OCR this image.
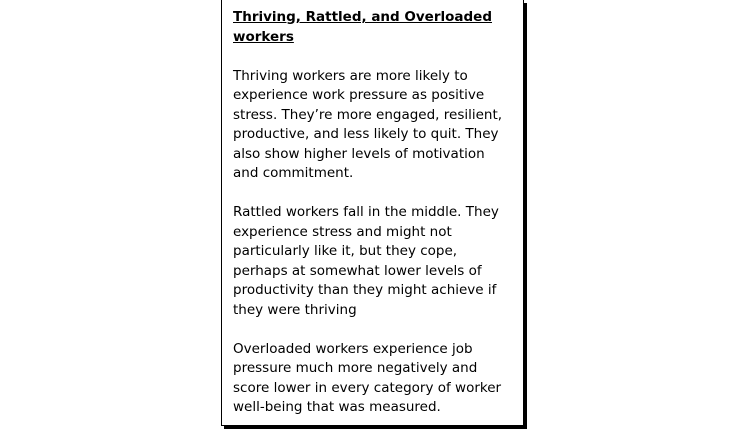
Thriving, Rattled, and Overloaded workers

Thriving workers are more likely to experience work pressure as positive stress. They’re more engaged, resilient, productive, and less likely to quit. They also show higher levels of motivation and commitment.

Rattled workers fall in the middle. They experience stress and might not particularly like it, but they cope, perhaps at somewhat lower levels of productivity than they might achieve if they were thriving

Overloaded workers experience job pressure much more negatively and score lower in every category of worker well-being that was measured.
